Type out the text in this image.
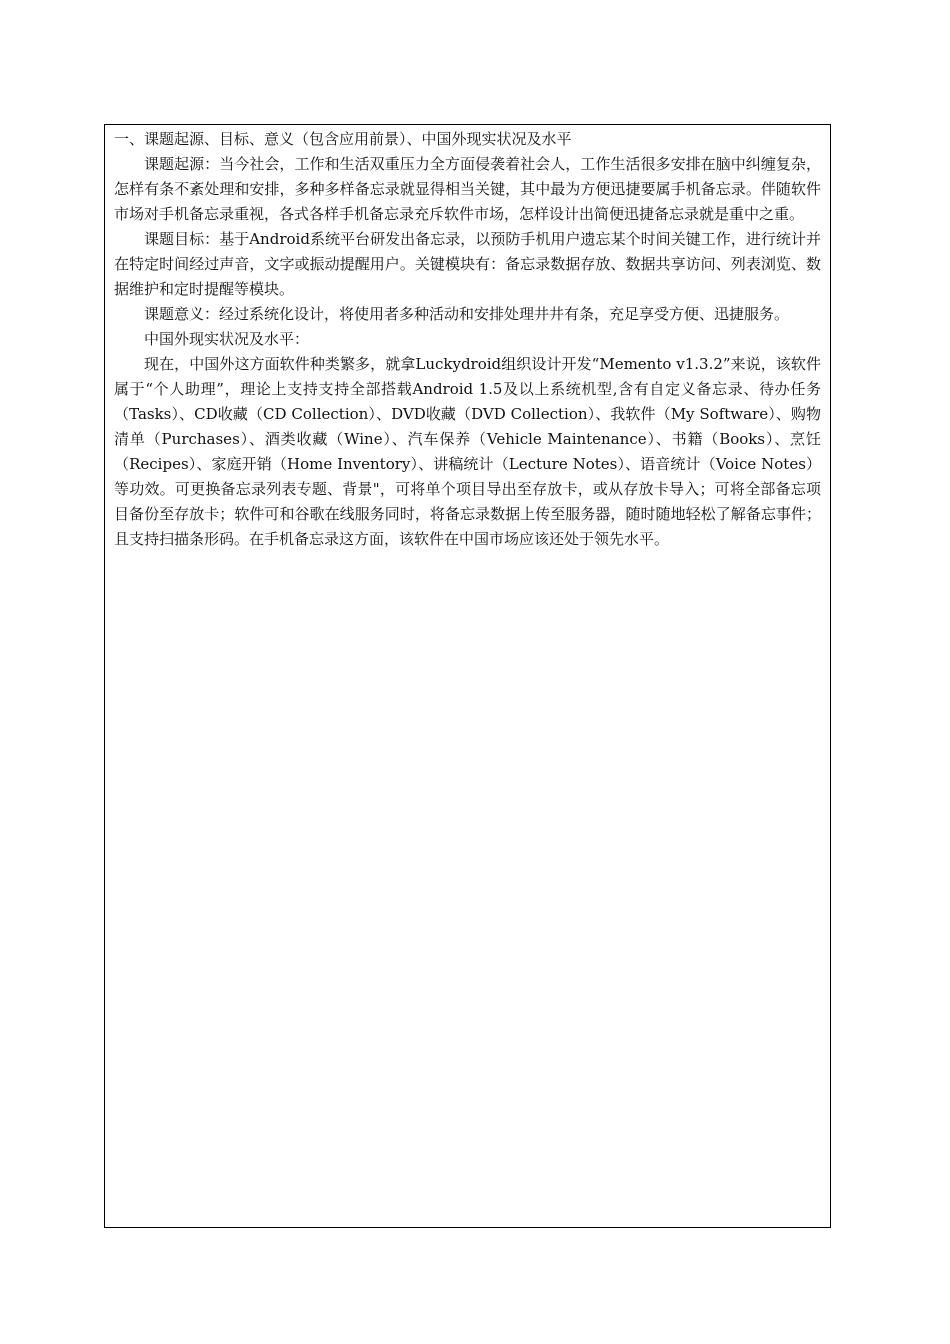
一、课题起源、目标、意义（包含应用前景）、中国外现实状况及水平

课题起源：当今社会，工作和生活双重压力全方面侵袭着社会人，工作生活很多安排在脑中纠缠复杂，怎样有条不紊处理和安排，多种多样备忘录就显得相当关键，其中最为方便迅捷要属手机备忘录。伴随软件市场对手机备忘录重视，各式各样手机备忘录充斥软件市场，怎样设计出简便迅捷备忘录就是重中之重。

课题目标：基于Android系统平台研发出备忘录，以预防手机用户遗忘某个时间关键工作，进行统计并在特定时间经过声音，文字或振动提醒用户。关键模块有：备忘录数据存放、数据共享访问、列表浏览、数据维护和定时提醒等模块。

课题意义：经过系统化设计，将使用者多种活动和安排处理井井有条，充足享受方便、迅捷服务。

中国外现实状况及水平：

现在，中国外这方面软件种类繁多，就拿Luckydroid组织设计开发“Memento v1.3.2”来说，该软件属于“个人助理”，理论上支持支持全部搭载Android 1.5及以上系统机型,含有自定义备忘录、待办任务（Tasks）、CD收藏（CD Collection）、DVD收藏（DVD Collection）、我软件（My Software）、购物清单（Purchases）、酒类收藏（Wine）、汽车保养（Vehicle Maintenance）、书籍（Books）、烹饪（Recipes）、家庭开销（Home Inventory）、讲稿统计（Lecture Notes）、语音统计（Voice Notes）等功效。可更换备忘录列表专题、背景"，可将单个项目导出至存放卡，或从存放卡导入；可将全部备忘项目备份至存放卡；软件可和谷歌在线服务同时，将备忘录数据上传至服务器，随时随地轻松了解备忘事件；且支持扫描条形码。在手机备忘录这方面，该软件在中国市场应该还处于领先水平。
